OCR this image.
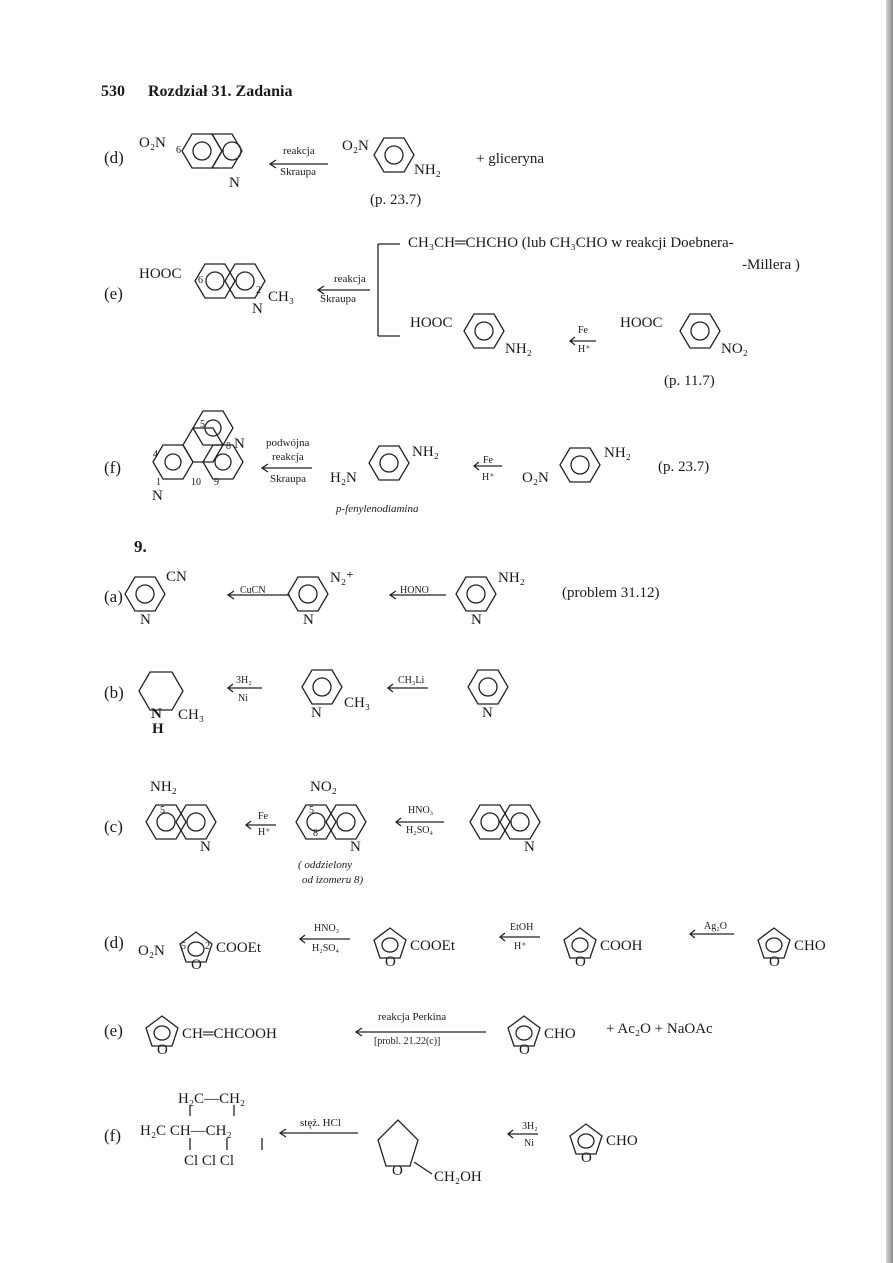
530 Rozdział 31. Zadania
(d)
O₂N 6
N
reakcja
Skraupa
O₂N
NH₂
+ gliceryna
(p. 23.7)
(e)
HOOC 6
2
N
CH₃
reakcja
Skraupa
CH₃CH═CHCHO (lub CH₃CHO w reakcji Doebnera-
-Millera )
HOOC
NH₂
Fe
H⁺
HOOC
NO₂
(p. 11.7)
(f)
5
8 N
4
1
N
10 9
podwójna
reakcja
Skraupa H₂N
NH₂
Fe
H⁺ O₂N
NH₂
(p. 23.7)
p-fenylenodiamina
9.
(a)
CN
N
CuCN
N₂⁺
N
HONO
NH₂
N
(problem 31.12)
(b)
N
H
CH₃
3H₂
Ni
N
CH₃
CH₃Li
N
(c)
NH₂
5
N
Fe
H⁺
NO₂
5
8
N
HNO₃
H₂SO₄
N
( oddzielony
od izomeru 8)
(d) O₂N 5 2
O
COOEt
HNO₃
H₂SO₄
O
COOEt
EtOH
H⁺
O
COOH
Ag₂O
O
CHO
(e)
O
CH═CHCOOH
reakcja Perkina
[probl. 21.22(c)]
O
CHO + Ac₂O + NaOAc
(f)
H₂C—CH₂
H₂C CH—CH₂
Cl Cl Cl
stęż. HCl
O CH₂OH
3H₂
Ni
O
CHO
